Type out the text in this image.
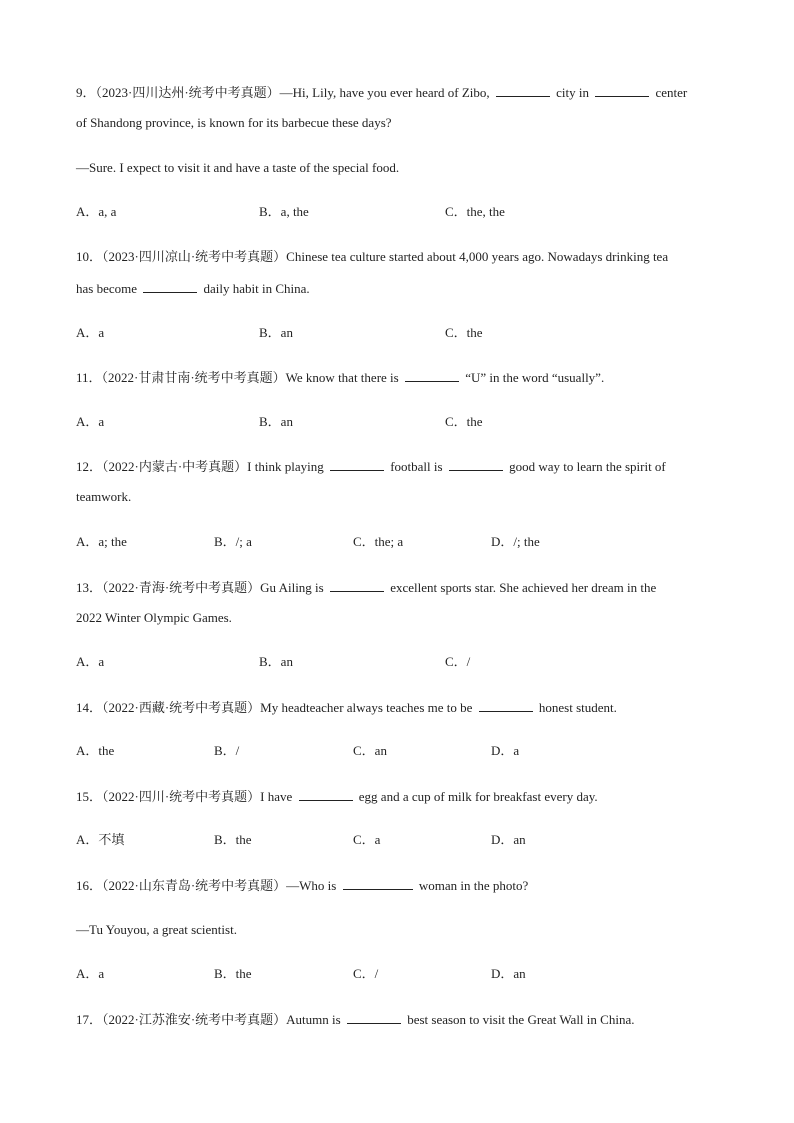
9．（2023·四川达州·统考中考真题）—Hi, Lily, have you ever heard of Zibo,	city in	center
of Shandong province, is known for its barbecue these days?
—Sure. I expect to visit it and have a taste of the special food.
A．a, a	B．a, the	C．the, the
10．（2023·四川凉山·统考中考真题）Chinese tea culture started about 4,000 years ago. Nowadays drinking tea
has become	daily habit in China.
A．a	B．an	C．the
11．（2022·甘肃甘南·统考中考真题）We know that there is	“U” in the word “usually”.
A．a	B．an	C．the
12．（2022·内蒙古·中考真题）I think playing	football is	good way to learn the spirit of
teamwork.
A．a; the	B．/; a	C．the; a	D．/; the
13．（2022·青海·统考中考真题）Gu Ailing is	excellent sports star. She achieved her dream in the
2022 Winter Olympic Games.
A．a	B．an	C．/
14．（2022·西藏·统考中考真题）My headteacher always teaches me to be	honest student.
A．the	B．/	C．an	D．a
15．（2022·四川·统考中考真题）I have	egg and a cup of milk for breakfast every day.
A．不填	B．the	C．a	D．an
16．（2022·山东青岛·统考中考真题）—Who is	woman in the photo?
—Tu Youyou, a great scientist.
A．a	B．the	C．/	D．an
17．（2022·江苏淮安·统考中考真题）Autumn is	best season to visit the Great Wall in China.
